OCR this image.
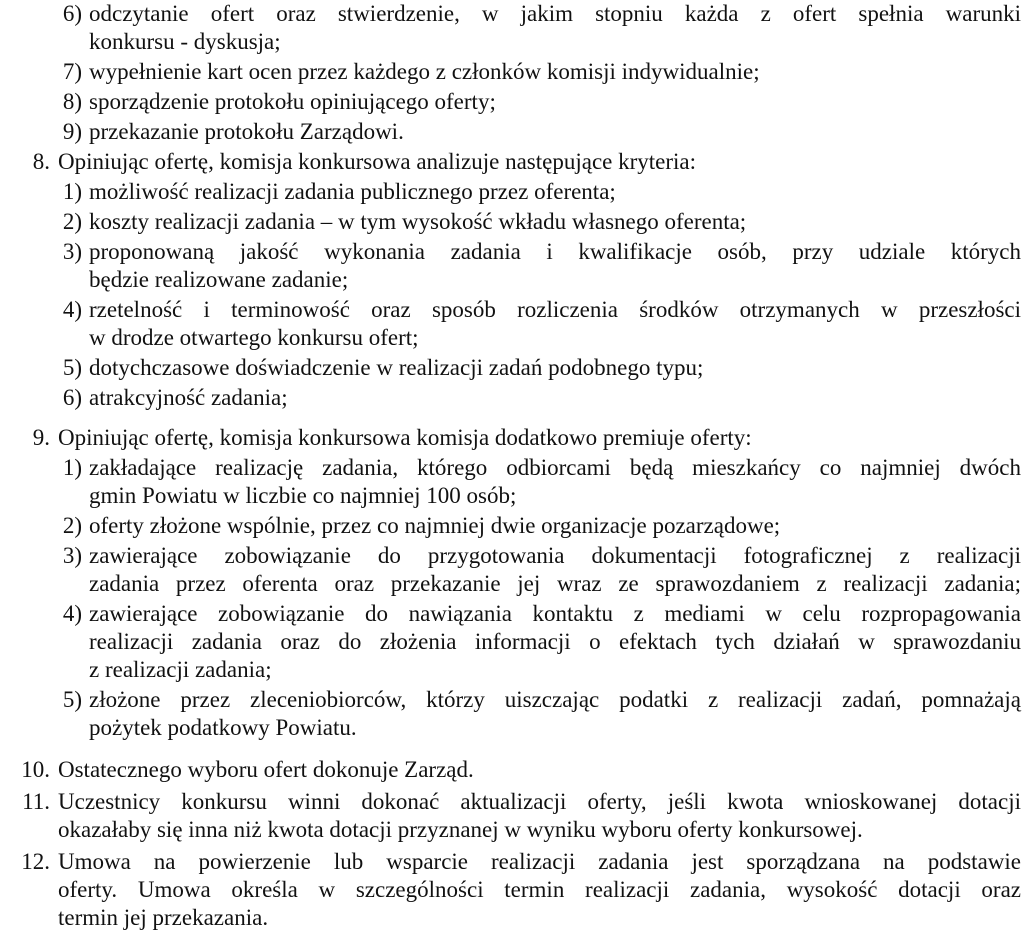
6) odczytanie ofert oraz stwierdzenie, w jakim stopniu każda z ofert spełnia warunki
konkursu - dyskusja;
7) wypełnienie kart ocen przez każdego z członków komisji indywidualnie;
8) sporządzenie protokołu opiniującego oferty;
9) przekazanie protokołu Zarządowi.
8. Opiniując ofertę, komisja konkursowa analizuje następujące kryteria:
1) możliwość realizacji zadania publicznego przez oferenta;
2) koszty realizacji zadania – w tym wysokość wkładu własnego oferenta;
3) proponowaną jakość wykonania zadania i kwalifikacje osób, przy udziale których
będzie realizowane zadanie;
4) rzetelność i terminowość oraz sposób rozliczenia środków otrzymanych w przeszłości
w drodze otwartego konkursu ofert;
5) dotychczasowe doświadczenie w realizacji zadań podobnego typu;
6) atrakcyjność zadania;
9. Opiniując ofertę, komisja konkursowa komisja dodatkowo premiuje oferty:
1) zakładające realizację zadania, którego odbiorcami będą mieszkańcy co najmniej dwóch
gmin Powiatu w liczbie co najmniej 100 osób;
2) oferty złożone wspólnie, przez co najmniej dwie organizacje pozarządowe;
3) zawierające zobowiązanie do przygotowania dokumentacji fotograficznej z realizacji
zadania przez oferenta oraz przekazanie jej wraz ze sprawozdaniem z realizacji zadania;
4) zawierające zobowiązanie do nawiązania kontaktu z mediami w celu rozpropagowania
realizacji zadania oraz do złożenia informacji o efektach tych działań w sprawozdaniu
z realizacji zadania;
5) złożone przez zleceniobiorców, którzy uiszczając podatki z realizacji zadań, pomnażają
pożytek podatkowy Powiatu.
10. Ostatecznego wyboru ofert dokonuje Zarząd.
11. Uczestnicy konkursu winni dokonać aktualizacji oferty, jeśli kwota wnioskowanej dotacji
okazałaby się inna niż kwota dotacji przyznanej w wyniku wyboru oferty konkursowej.
12. Umowa na powierzenie lub wsparcie realizacji zadania jest sporządzana na podstawie
oferty. Umowa określa w szczególności termin realizacji zadania, wysokość dotacji oraz
termin jej przekazania.
